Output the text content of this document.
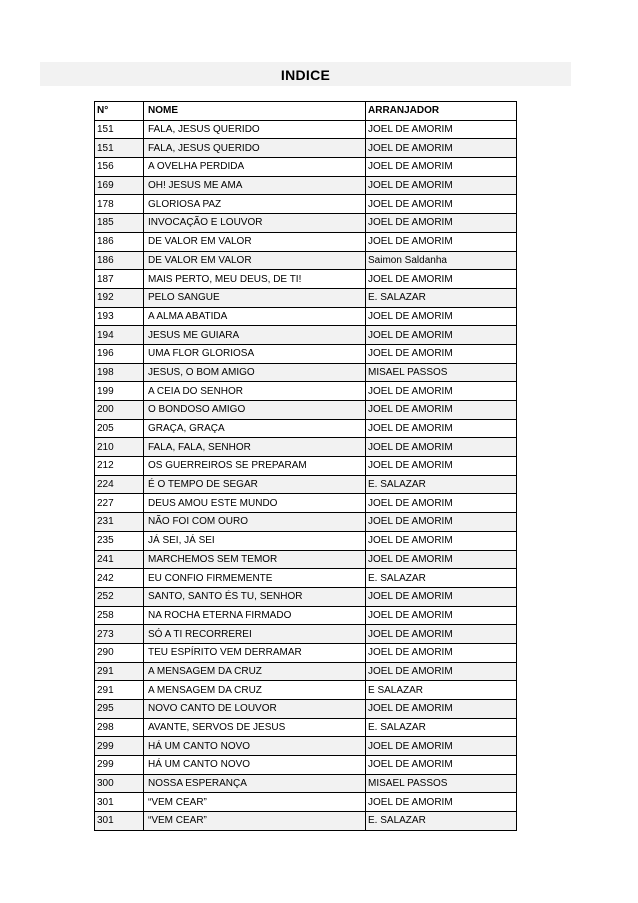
INDICE
N°	NOME	ARRANJADOR
151	FALA, JESUS QUERIDO	JOEL DE AMORIM
151	FALA, JESUS QUERIDO	JOEL DE AMORIM
156	A OVELHA PERDIDA	JOEL DE AMORIM
169	OH! JESUS ME AMA	JOEL DE AMORIM
178	GLORIOSA PAZ	JOEL DE AMORIM
185	INVOCAÇÃO E LOUVOR	JOEL DE AMORIM
186	DE VALOR EM VALOR	JOEL DE AMORIM
186	DE VALOR EM VALOR	Saimon Saldanha
187	MAIS PERTO, MEU DEUS, DE TI!	JOEL DE AMORIM
192	PELO SANGUE	E. SALAZAR
193	A ALMA ABATIDA	JOEL DE AMORIM
194	JESUS ME GUIARA	JOEL DE AMORIM
196	UMA FLOR GLORIOSA	JOEL DE AMORIM
198	JESUS, O BOM AMIGO	MISAEL PASSOS
199	A CEIA DO SENHOR	JOEL DE AMORIM
200	O BONDOSO AMIGO	JOEL DE AMORIM
205	GRAÇA, GRAÇA	JOEL DE AMORIM
210	FALA, FALA, SENHOR	JOEL DE AMORIM
212	OS GUERREIROS SE PREPARAM	JOEL DE AMORIM
224	É O TEMPO DE SEGAR	E. SALAZAR
227	DEUS AMOU ESTE MUNDO	JOEL DE AMORIM
231	NÃO FOI COM OURO	JOEL DE AMORIM
235	JÁ SEI, JÁ SEI	JOEL DE AMORIM
241	MARCHEMOS SEM TEMOR	JOEL DE AMORIM
242	EU CONFIO FIRMEMENTE	E. SALAZAR
252	SANTO, SANTO ÉS TU, SENHOR	JOEL DE AMORIM
258	NA ROCHA ETERNA FIRMADO	JOEL DE AMORIM
273	SÓ A TI RECORREREI	JOEL DE AMORIM
290	TEU ESPÍRITO VEM DERRAMAR	JOEL DE AMORIM
291	A MENSAGEM DA CRUZ	JOEL DE AMORIM
291	A MENSAGEM DA CRUZ	E SALAZAR
295	NOVO CANTO DE LOUVOR	JOEL DE AMORIM
298	AVANTE, SERVOS DE JESUS	E. SALAZAR
299	HÁ UM CANTO NOVO	JOEL DE AMORIM
299	HÁ UM CANTO NOVO	JOEL DE AMORIM
300	NOSSA ESPERANÇA	MISAEL PASSOS
301	“VEM CEAR”	JOEL DE AMORIM
301	“VEM CEAR”	E. SALAZAR
